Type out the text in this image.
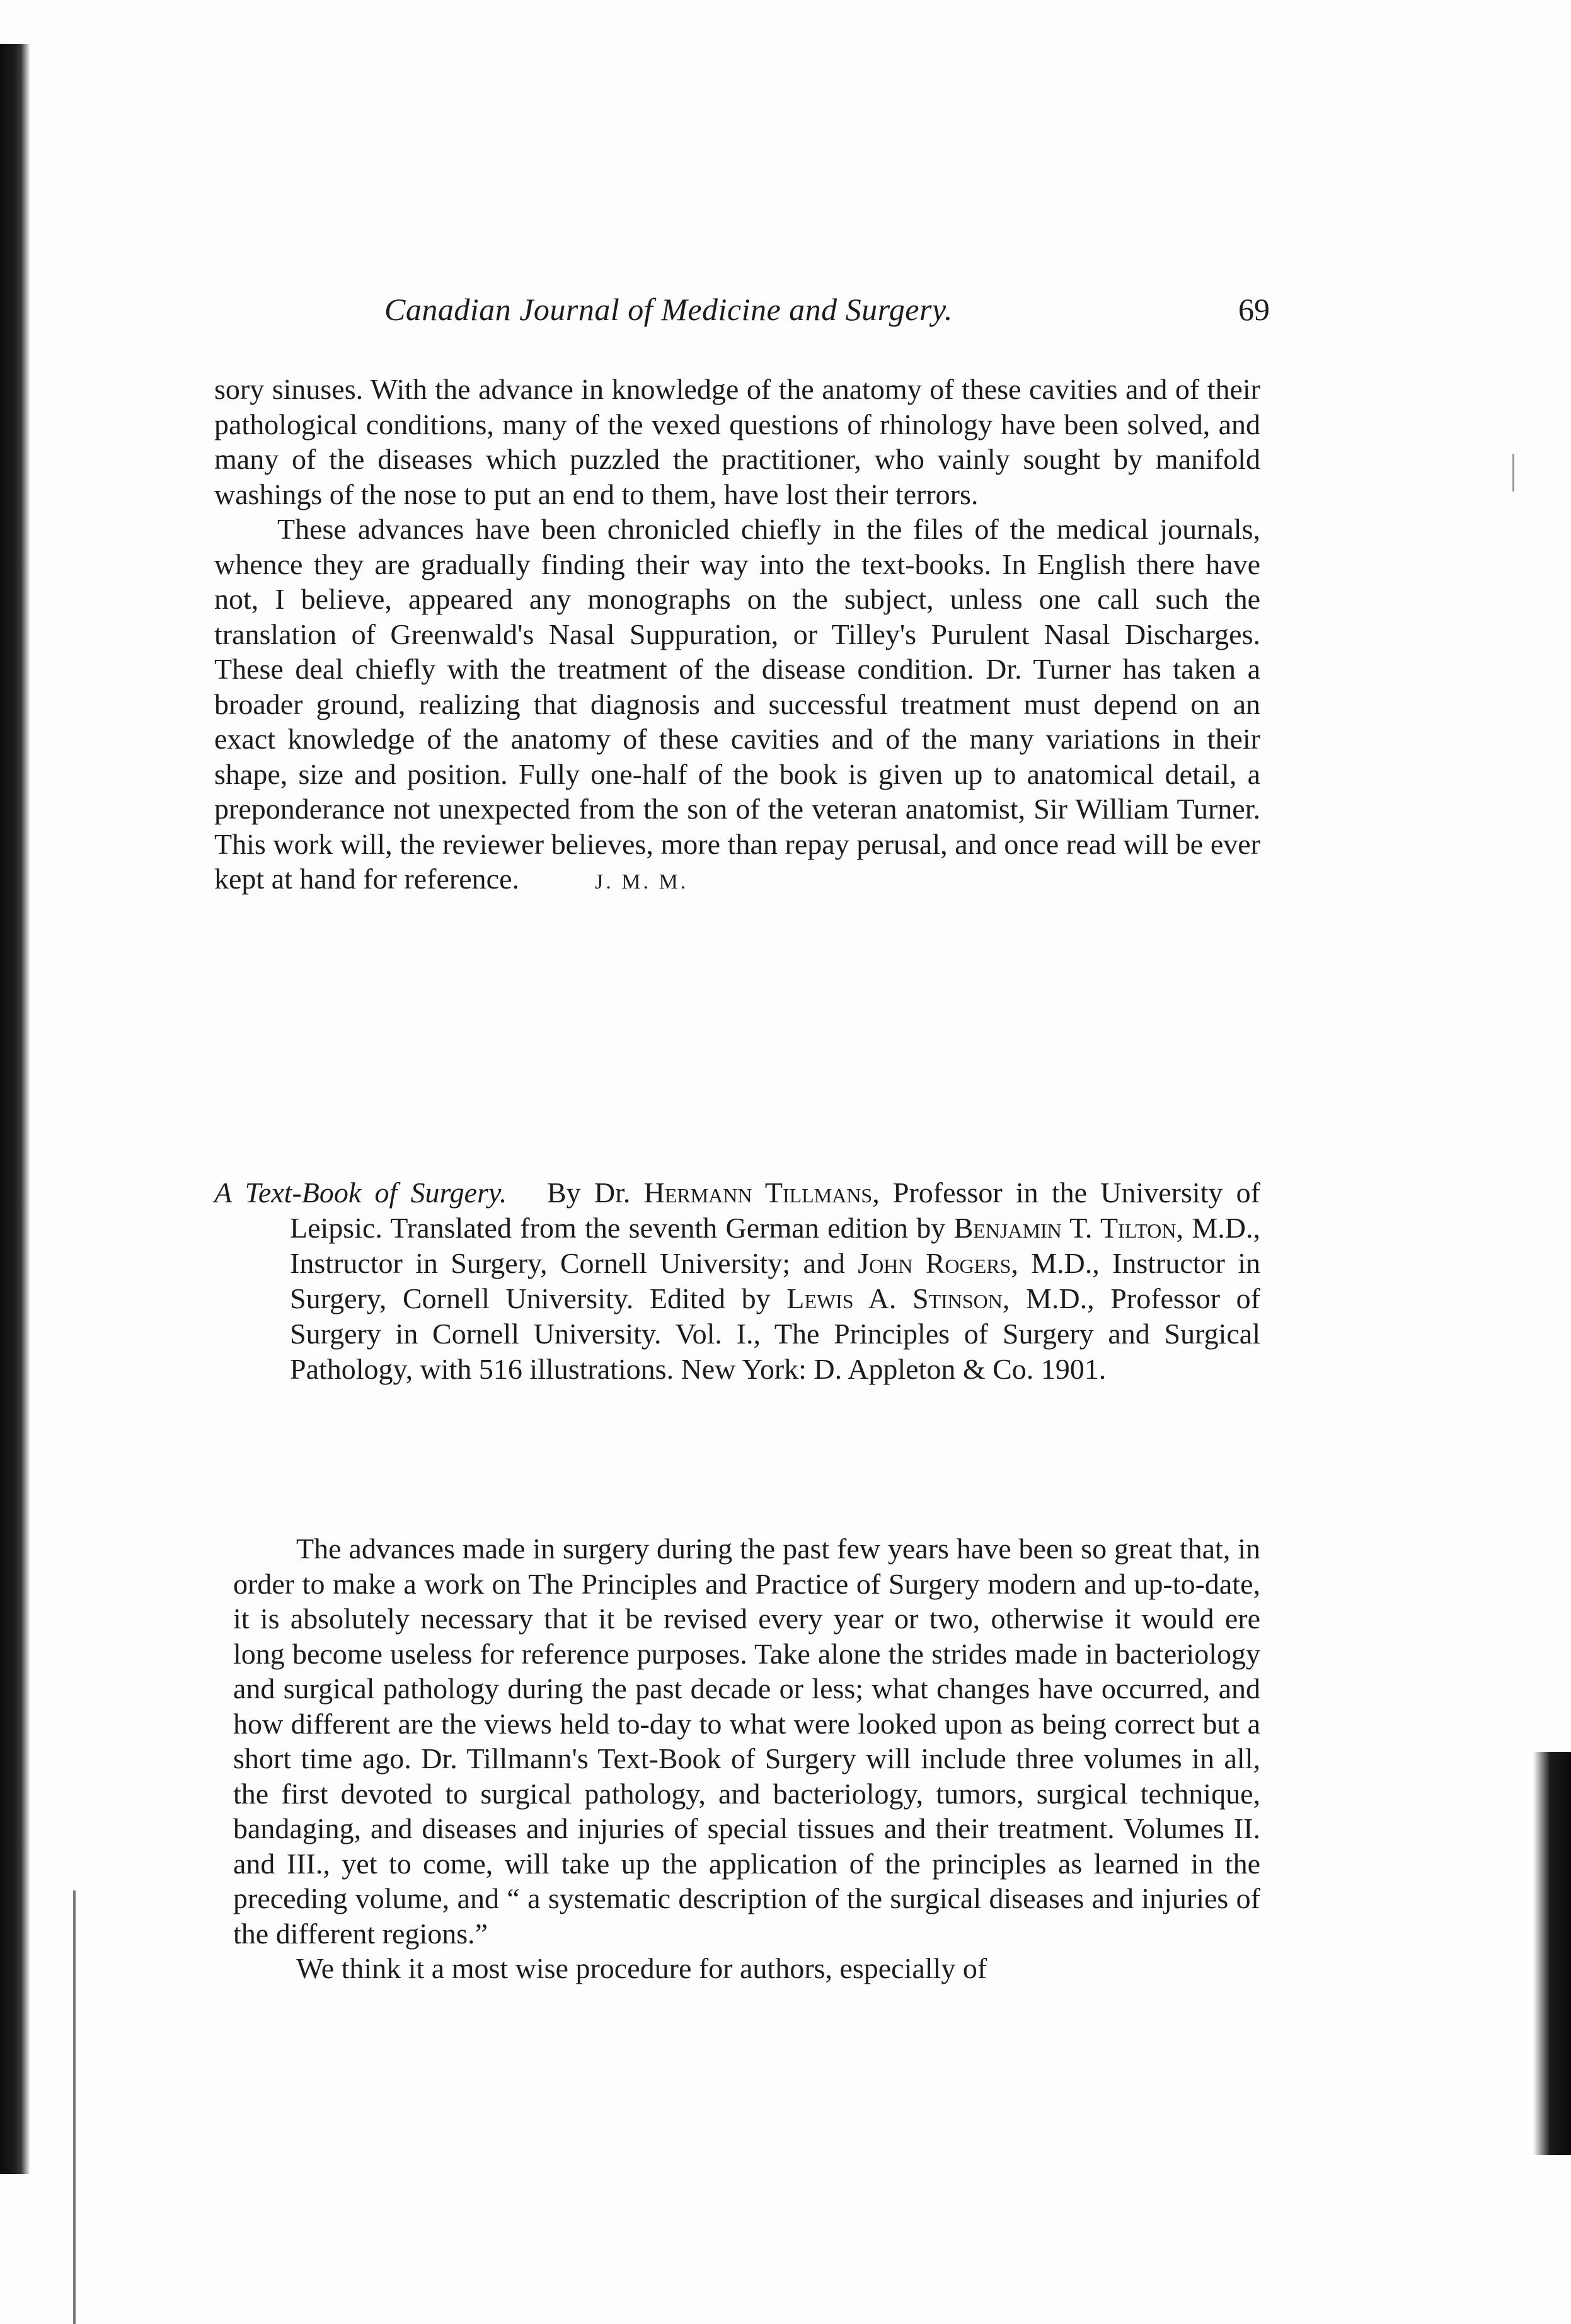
Canadian Journal of Medicine and Surgery.	69

sory sinuses. With the advance in knowledge of the anatomy of these cavities and of their pathological conditions, many of the vexed questions of rhinology have been solved, and many of the diseases which puzzled the practitioner, who vainly sought by manifold washings of the nose to put an end to them, have lost their terrors.

These advances have been chronicled chiefly in the files of the medical journals, whence they are gradually finding their way into the text-books. In English there have not, I believe, appeared any monographs on the subject, unless one call such the translation of Greenwald's Nasal Suppuration, or Tilley's Purulent Nasal Discharges. These deal chiefly with the treatment of the disease condition. Dr. Turner has taken a broader ground, realizing that diagnosis and successful treatment must depend on an exact knowledge of the anatomy of these cavities and of the many variations in their shape, size and position. Fully one-half of the book is given up to anatomical detail, a preponderance not unexpected from the son of the veteran anatomist, Sir William Turner. This work will, the reviewer believes, more than repay perusal, and once read will be ever kept at hand for reference.	J. M. M.

A Text-Book of Surgery. By Dr. Hermann Tillmans, Professor in the University of Leipsic. Translated from the seventh German edition by Benjamin T. Tilton, M.D., Instructor in Surgery, Cornell University; and John Rogers, M.D., Instructor in Surgery, Cornell University. Edited by Lewis A. Stinson, M.D., Professor of Surgery in Cornell University. Vol. I., The Principles of Surgery and Surgical Pathology, with 516 illustrations. New York: D. Appleton & Co. 1901.

The advances made in surgery during the past few years have been so great that, in order to make a work on The Principles and Practice of Surgery modern and up-to-date, it is absolutely necessary that it be revised every year or two, otherwise it would ere long become useless for reference purposes. Take alone the strides made in bacteriology and surgical pathology during the past decade or less; what changes have occurred, and how different are the views held to-day to what were looked upon as being correct but a short time ago. Dr. Tillmann's Text-Book of Surgery will include three volumes in all, the first devoted to surgical pathology, and bacteriology, tumors, surgical technique, bandaging, and diseases and injuries of special tissues and their treatment. Volumes II. and III., yet to come, will take up the application of the principles as learned in the preceding volume, and “ a systematic description of the surgical diseases and injuries of the different regions.”

We think it a most wise procedure for authors, especially of
